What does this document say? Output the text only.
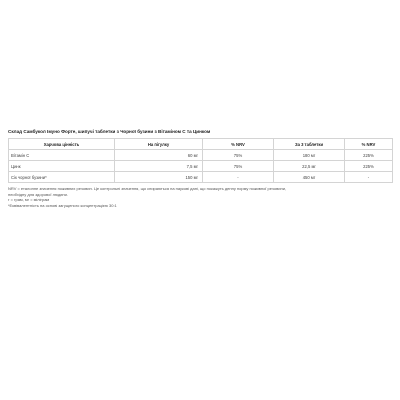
Склад Самбукол Імуно Форте, шипучі таблетки з Чорної бузини з Вітаміном С та Цинком
Харчова цінність	На пігулку	% NRV	За 3 таблетки	% NRV
Вітамін С	60 мг	75%	180 мг	225%
Цинк	7,5 мг	75%	22,5 мг	225%
Сік чорної бузини*	150 мг	-	450 мг	-

NRV = еталонне значення поживних речовин. Це контрольні значення, що спираються на наукові дані, що покажуть денну норму поживної речовини,

необхідну для здорової людини.

г = грам, мг = міліграм

*Еквівалентність на основі загущеного концентрацією 30:1
